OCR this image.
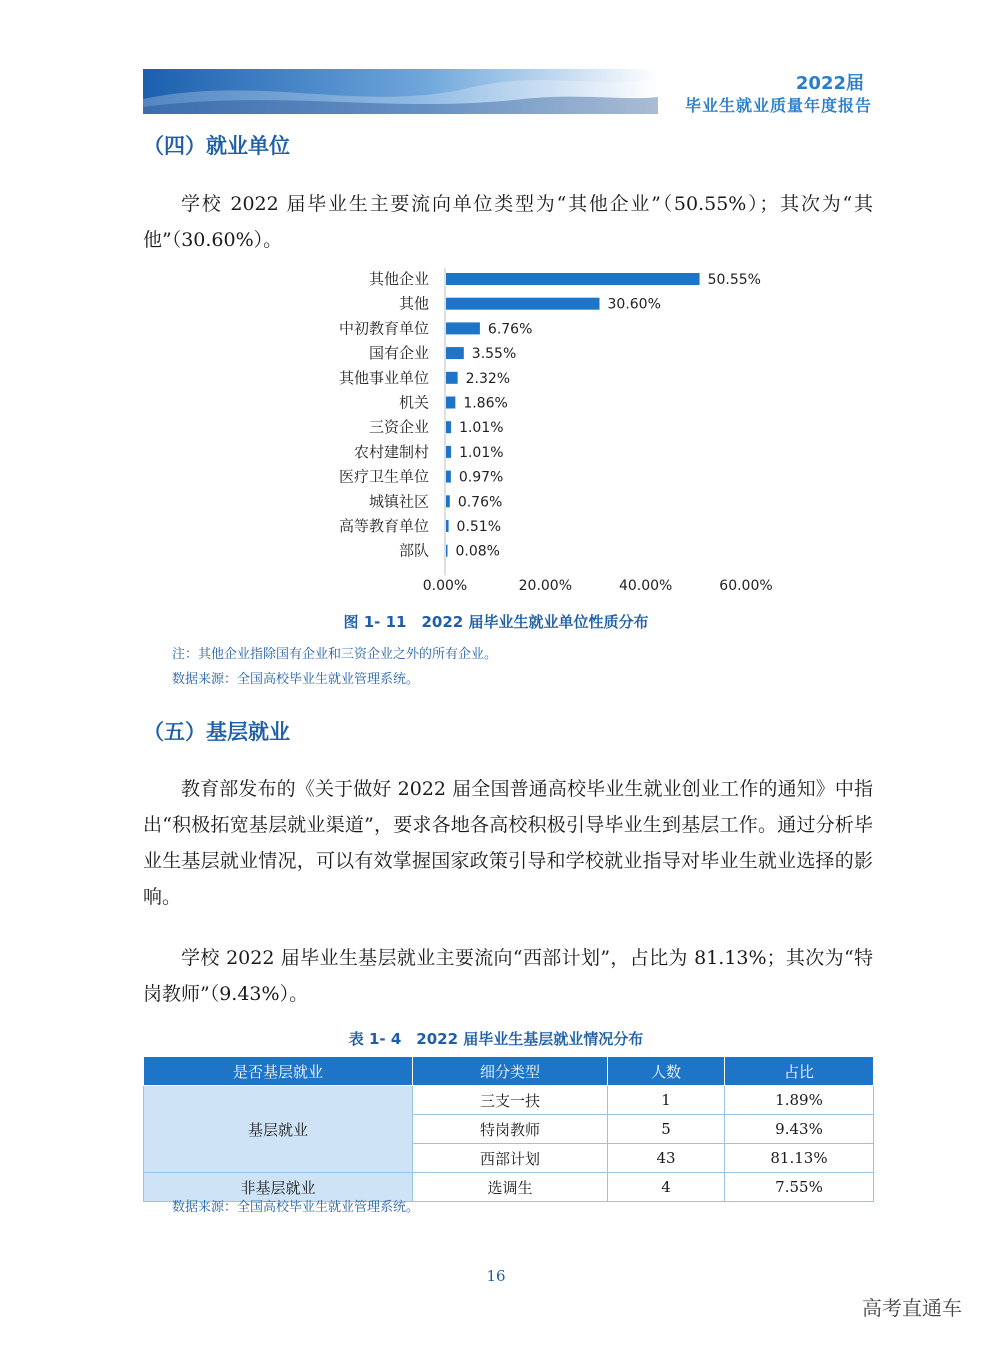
2022届
毕业生就业质量年度报告
（四）就业单位
学校 2022 届毕业生主要流向单位类型为“其他企业”（50.55%）；其次为“其他”（30.60%）。
其他企业	50.55%
其他	30.60%
中初教育单位	6.76%
国有企业	3.55%
其他事业单位	2.32%
机关 1.86%
三资企业 1.01%
农村建制村 1.01%
医疗卫生单位 0.97%
城镇社区 0.76%
高等教育单位 0.51%
部队 0.08%
0.00%	20.00%	40.00%	60.00%
图 1- 11　2022 届毕业生就业单位性质分布
注：其他企业指除国有企业和三资企业之外的所有企业。
数据来源：全国高校毕业生就业管理系统。
（五）基层就业
教育部发布的《关于做好 2022 届全国普通高校毕业生就业创业工作的通知》中指出“积极拓宽基层就业渠道”，要求各地各高校积极引导毕业生到基层工作。通过分析毕业生基层就业情况，可以有效掌握国家政策引导和学校就业指导对毕业生就业选择的影响。
学校 2022 届毕业生基层就业主要流向“西部计划”，占比为 81.13%；其次为“特岗教师”（9.43%）。
表 1- 4　2022 届毕业生基层就业情况分布
是否基层就业	细分类型	人数	占比
基层就业	三支一扶	1	1.89%
	特岗教师	5	9.43%
	西部计划	43	81.13%
非基层就业	选调生	4	7.55%
数据来源：全国高校毕业生就业管理系统。
16
高考直通车
